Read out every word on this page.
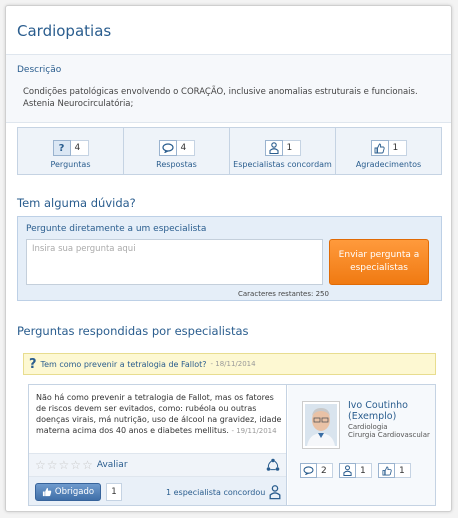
Cardiopatias
Descrição
Condições patológicas envolvendo o CORAÇÃO, inclusive anomalias estruturais e funcionais. Astenia Neurocirculatória;
?	4
Perguntas
4
Respostas
1
Especialistas concordam
1
Agradecimentos
Tem alguma dúvida?
Pergunte diretamente a um especialista
Insira sua pergunta aqui
Enviar pergunta a especialistas
Caracteres restantes: 250
Perguntas respondidas por especialistas
? Tem como prevenir a tetralogia de Fallot? - 18/11/2014
Não há como prevenir a tetralogia de Fallot, mas os fatores de riscos devem ser evitados, como: rubéola ou outras doenças virais, má nutrição, uso de álcool na gravidez, idade materna acima dos 40 anos e diabetes mellitus. - 19/11/2014
☆ ☆ ☆ ☆ ☆ Avaliar
Obrigado	1	1 especialista concordou
Ivo Coutinho (Exemplo)
Cardiologia
Cirurgia Cardiovascular
2	1	1
